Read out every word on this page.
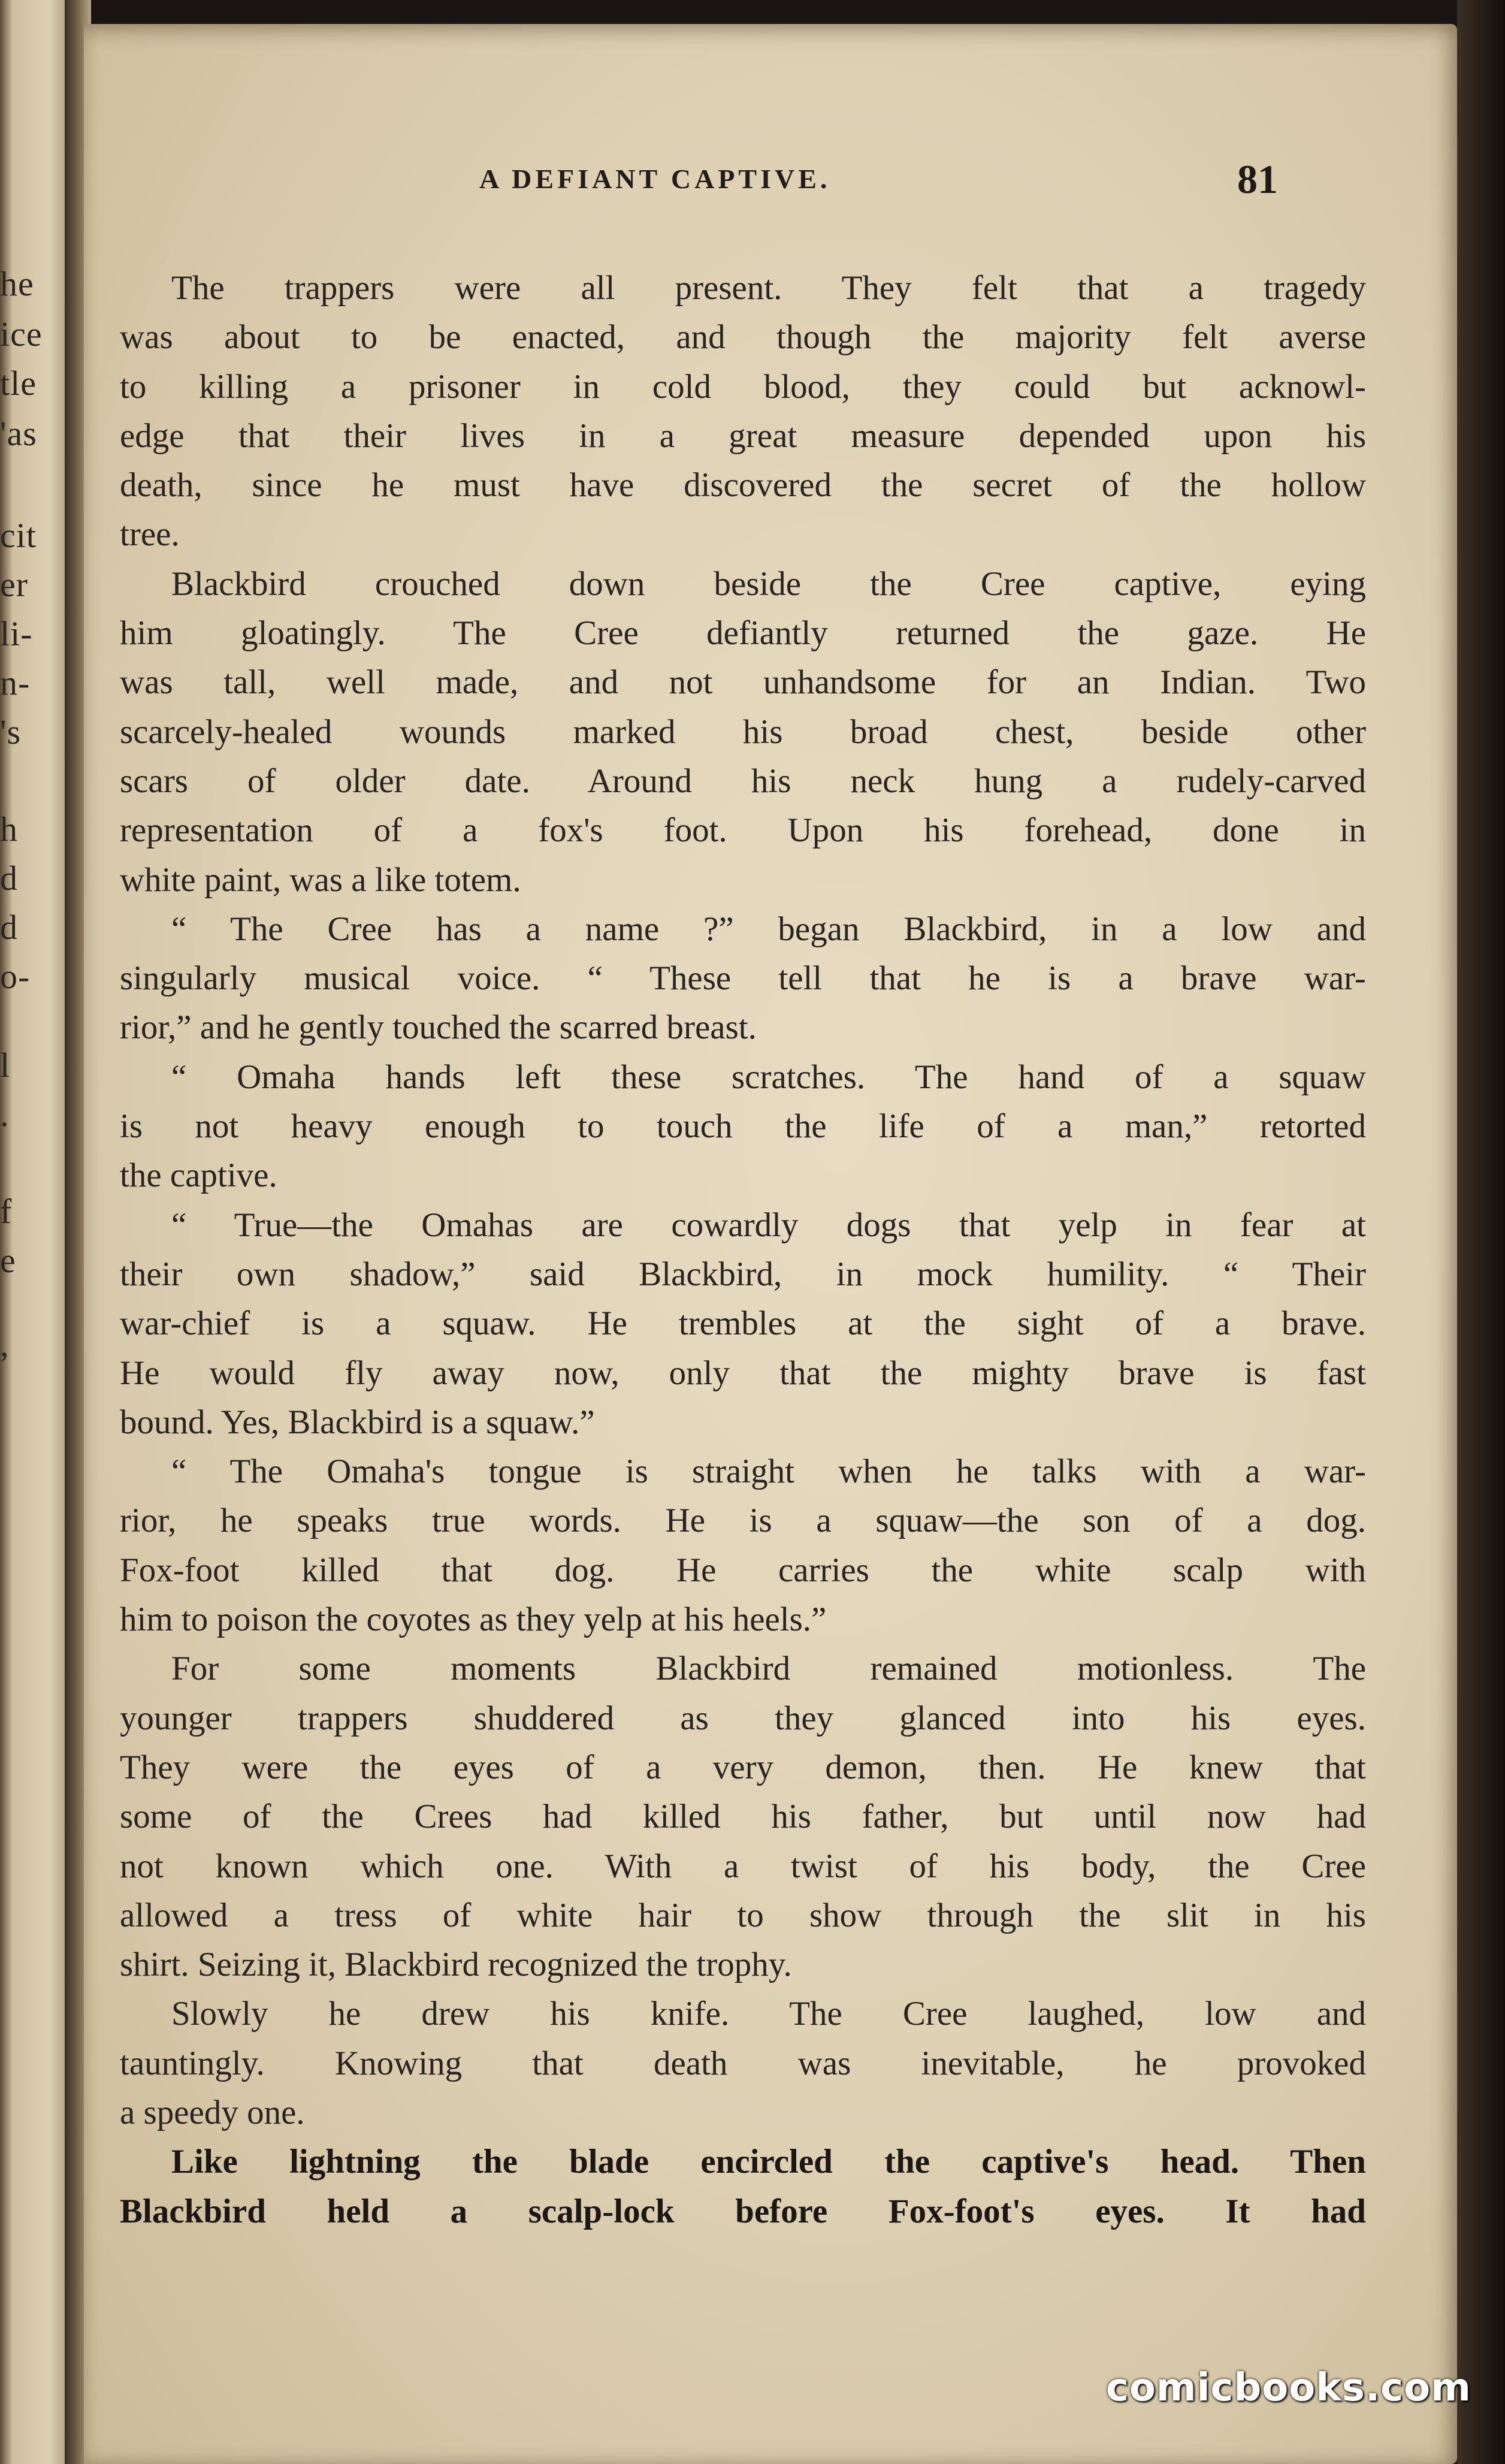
he
ice
tle
'as
cit
er
li-
n-
's
h
d
d
o-
l
.
f
e
,
A DEFIANT CAPTIVE.	81
The trappers were all present. They felt that a tragedy
was about to be enacted, and though the majority felt averse
to killing a prisoner in cold blood, they could but acknowl-
edge that their lives in a great measure depended upon his
death, since he must have discovered the secret of the hollow
tree.
Blackbird crouched down beside the Cree captive, eying
him gloatingly. The Cree defiantly returned the gaze. He
was tall, well made, and not unhandsome for an Indian. Two
scarcely-healed wounds marked his broad chest, beside other
scars of older date. Around his neck hung a rudely-carved
representation of a fox's foot. Upon his forehead, done in
white paint, was a like totem.
“ The Cree has a name ?” began Blackbird, in a low and
singularly musical voice. “ These tell that he is a brave war-
rior,” and he gently touched the scarred breast.
“ Omaha hands left these scratches. The hand of a squaw
is not heavy enough to touch the life of a man,” retorted
the captive.
“ True—the Omahas are cowardly dogs that yelp in fear at
their own shadow,” said Blackbird, in mock humility. “ Their
war-chief is a squaw. He trembles at the sight of a brave.
He would fly away now, only that the mighty brave is fast
bound. Yes, Blackbird is a squaw.”
“ The Omaha's tongue is straight when he talks with a war-
rior, he speaks true words. He is a squaw—the son of a dog.
Fox-foot killed that dog. He carries the white scalp with
him to poison the coyotes as they yelp at his heels.”
For some moments Blackbird remained motionless. The
younger trappers shuddered as they glanced into his eyes.
They were the eyes of a very demon, then. He knew that
some of the Crees had killed his father, but until now had
not known which one. With a twist of his body, the Cree
allowed a tress of white hair to show through the slit in his
shirt. Seizing it, Blackbird recognized the trophy.
Slowly he drew his knife. The Cree laughed, low and
tauntingly. Knowing that death was inevitable, he provoked
a speedy one.
Like lightning the blade encircled the captive's head. Then
Blackbird held a scalp-lock before Fox-foot's eyes. It had
comicbooks.com
